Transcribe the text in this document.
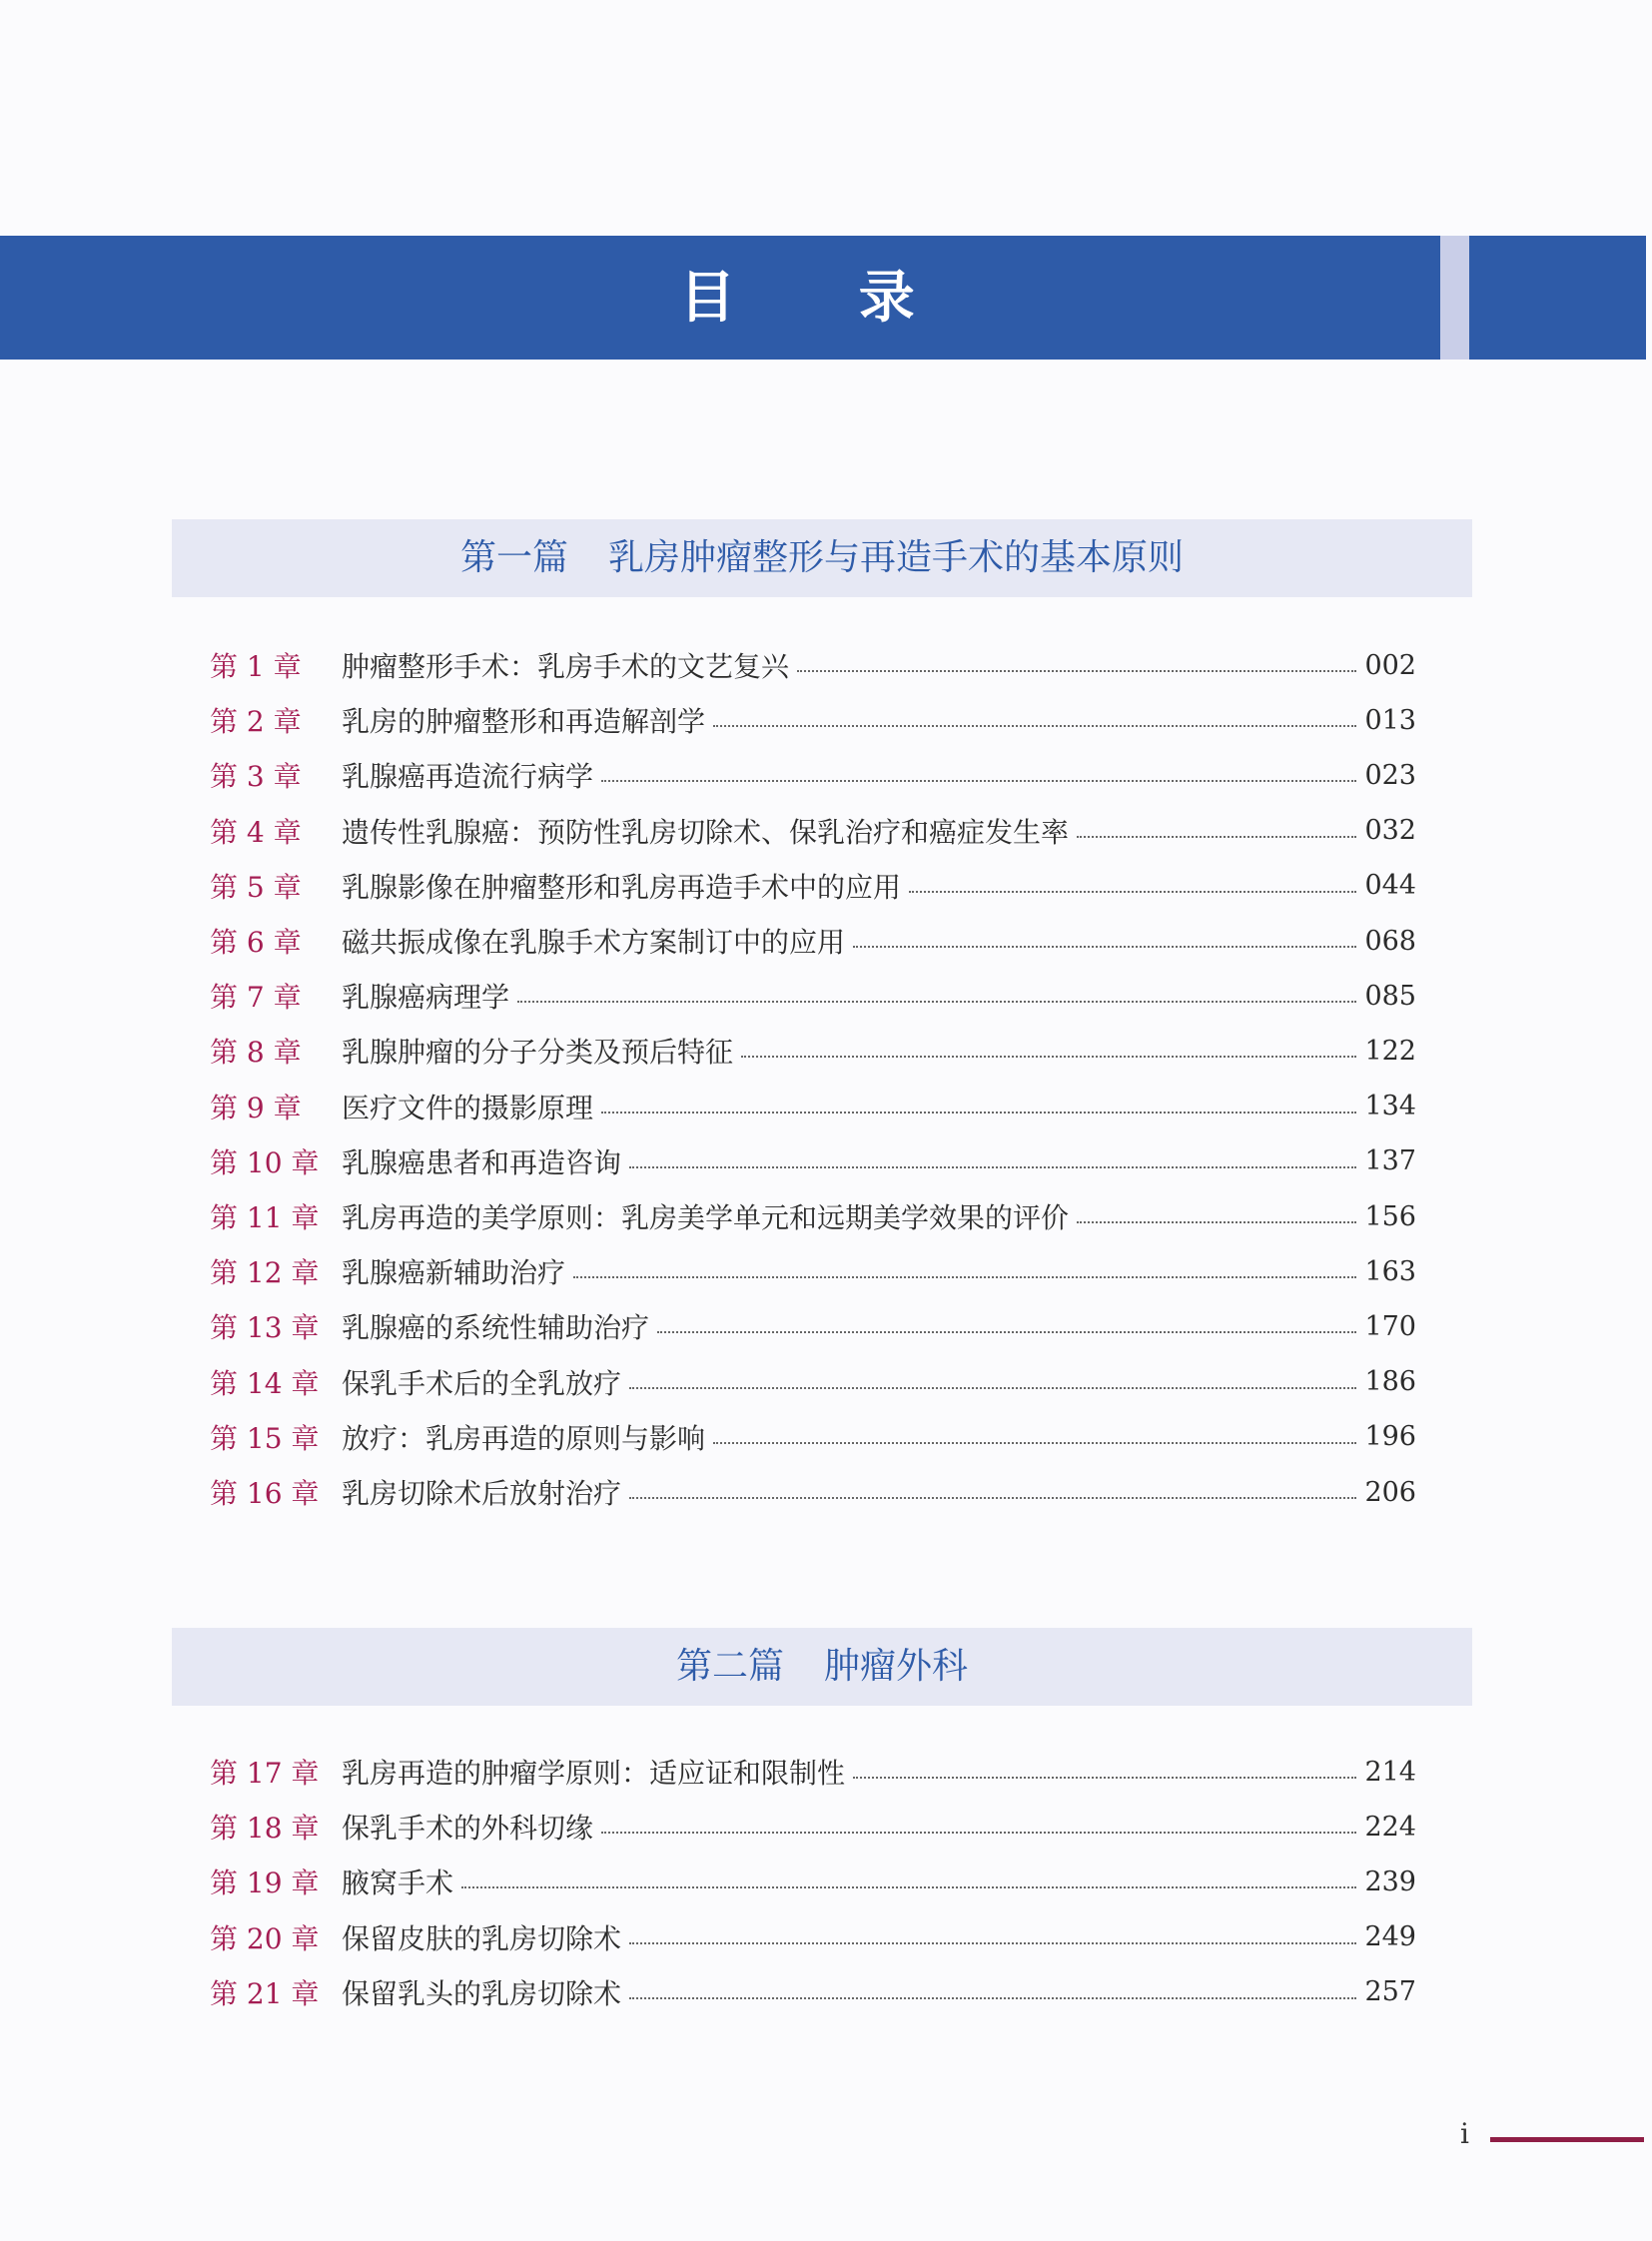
目 录
第一篇 乳房肿瘤整形与再造手术的基本原则
第 1 章	肿瘤整形手术：乳房手术的文艺复兴	002
第 2 章	乳房的肿瘤整形和再造解剖学	013
第 3 章	乳腺癌再造流行病学	023
第 4 章	遗传性乳腺癌：预防性乳房切除术、保乳治疗和癌症发生率	032
第 5 章	乳腺影像在肿瘤整形和乳房再造手术中的应用	044
第 6 章	磁共振成像在乳腺手术方案制订中的应用	068
第 7 章	乳腺癌病理学	085
第 8 章	乳腺肿瘤的分子分类及预后特征	122
第 9 章	医疗文件的摄影原理	134
第 10 章 乳腺癌患者和再造咨询	137
第 11 章 乳房再造的美学原则：乳房美学单元和远期美学效果的评价	156
第 12 章 乳腺癌新辅助治疗	163
第 13 章 乳腺癌的系统性辅助治疗	170
第 14 章 保乳手术后的全乳放疗	186
第 15 章 放疗：乳房再造的原则与影响	196
第 16 章 乳房切除术后放射治疗	206
第二篇 肿瘤外科
第 17 章 乳房再造的肿瘤学原则：适应证和限制性	214
第 18 章 保乳手术的外科切缘	224
第 19 章 腋窝手术	239
第 20 章 保留皮肤的乳房切除术	249
第 21 章 保留乳头的乳房切除术	257
i
